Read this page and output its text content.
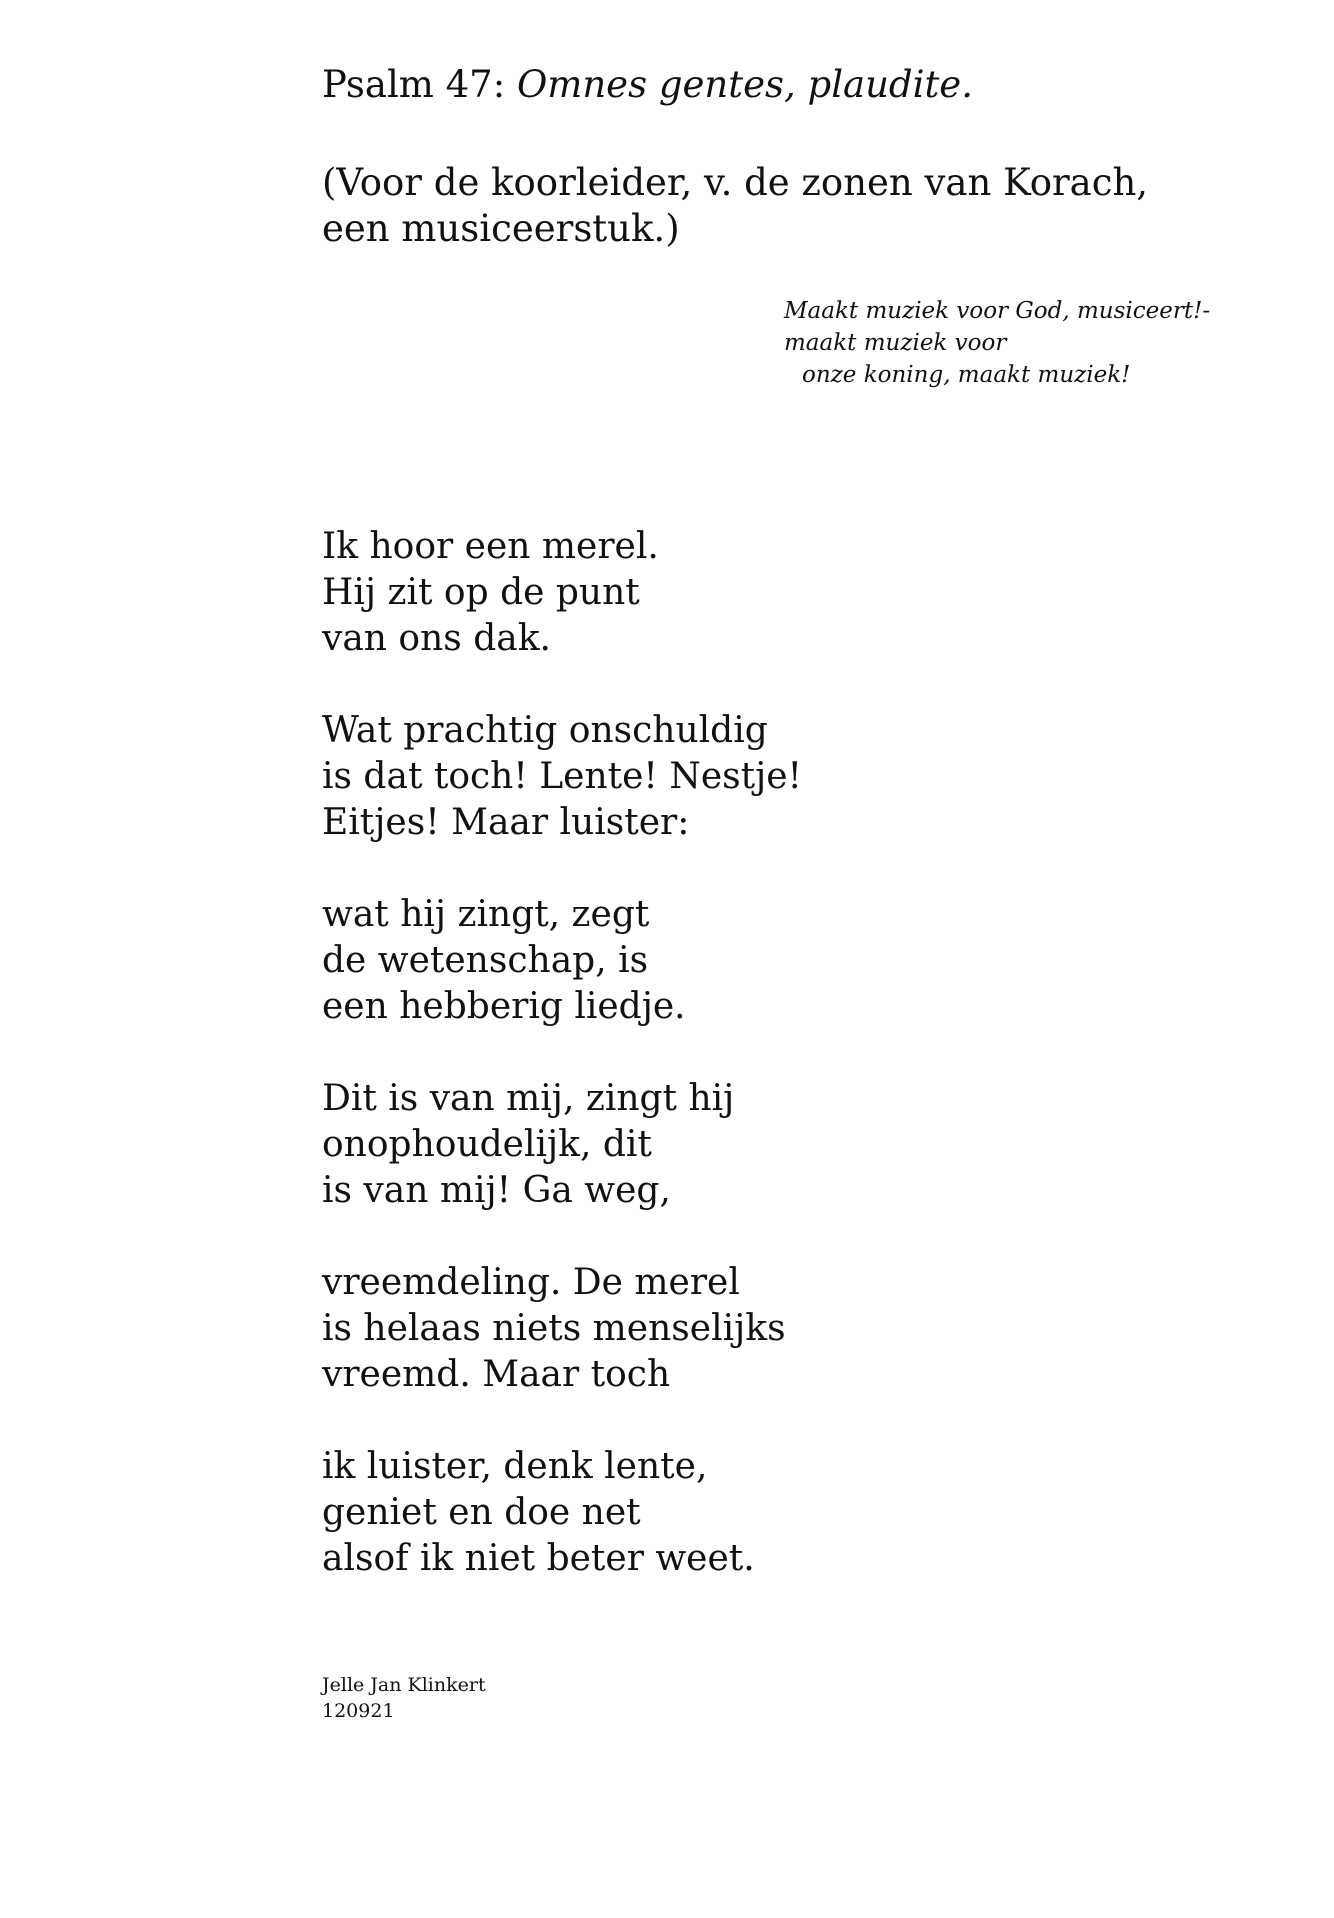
Psalm 47: Omnes gentes, plaudite.
(Voor de koorleider, v. de zonen van Korach,
een musiceerstuk.)
Maakt muziek voor God, musiceert!-
maakt muziek voor
onze koning, maakt muziek!
Ik hoor een merel.
Hij zit op de punt
van ons dak.
Wat prachtig onschuldig
is dat toch! Lente! Nestje!
Eitjes! Maar luister:
wat hij zingt, zegt
de wetenschap, is
een hebberig liedje.
Dit is van mij, zingt hij
onophoudelijk, dit
is van mij! Ga weg,
vreemdeling. De merel
is helaas niets menselijks
vreemd. Maar toch
ik luister, denk lente,
geniet en doe net
alsof ik niet beter weet.
Jelle Jan Klinkert
120921
